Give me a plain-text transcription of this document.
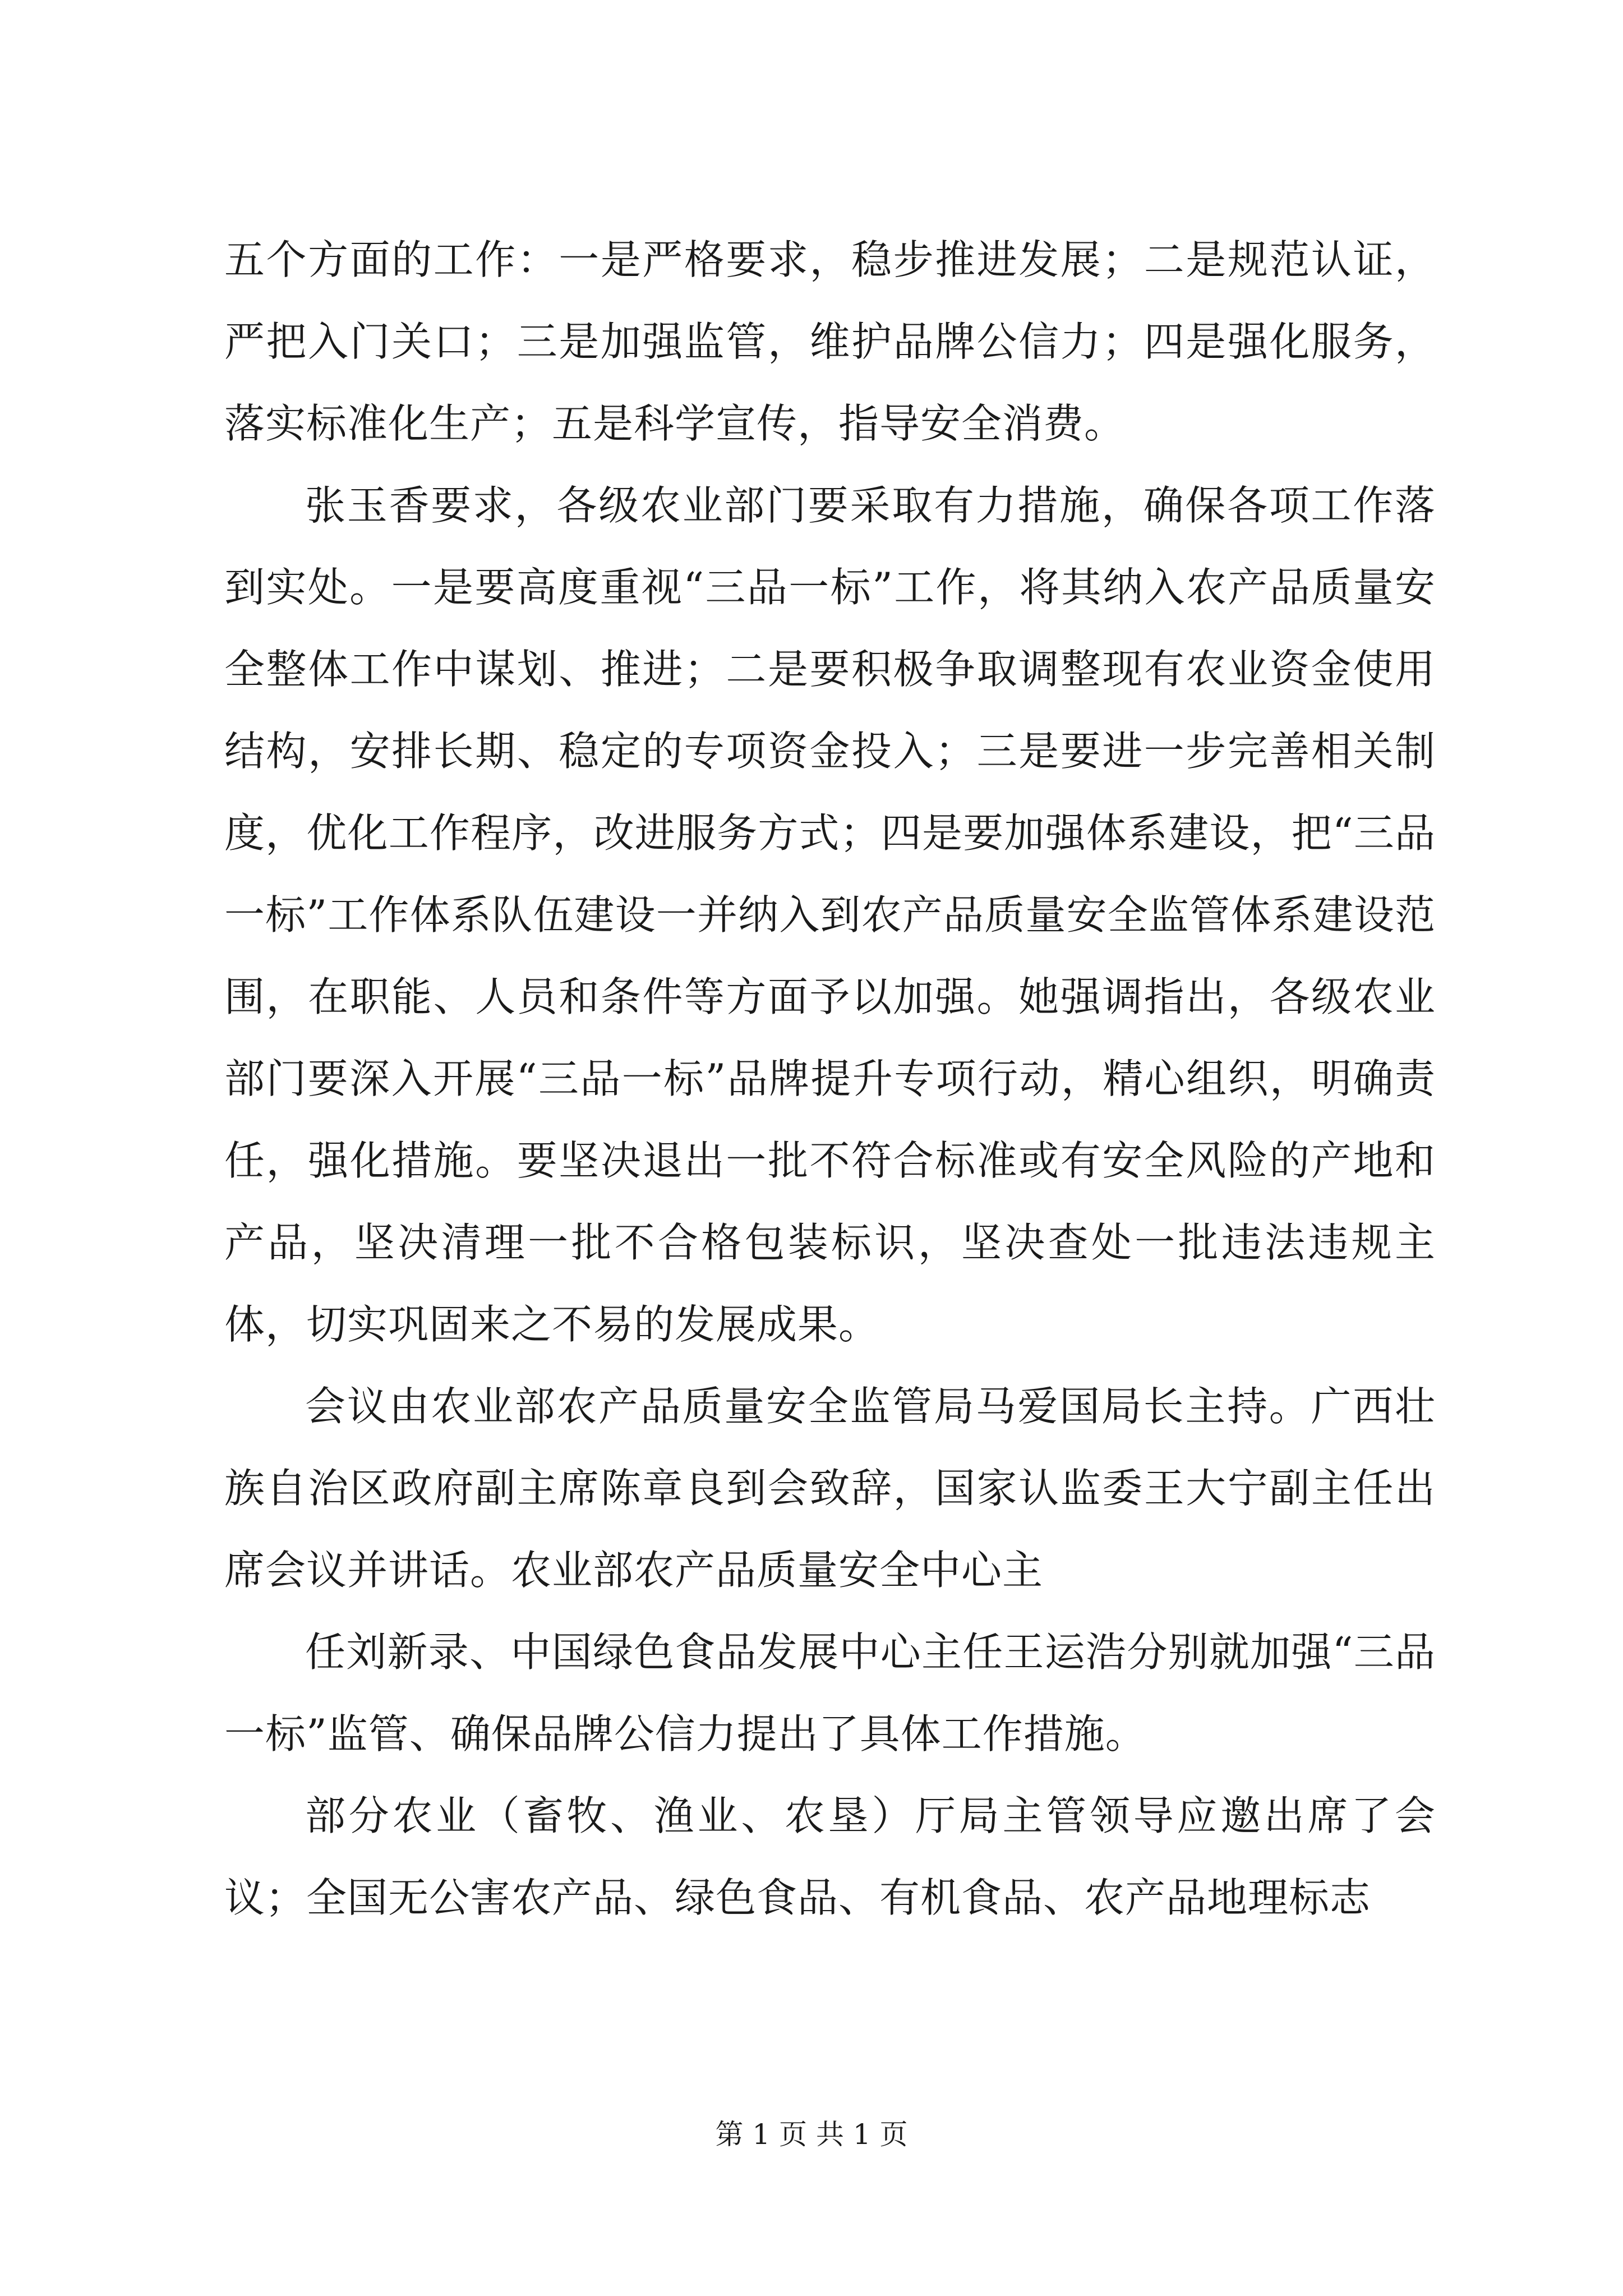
五个方面的工作：一是严格要求，稳步推进发展；二是规范认证，严把入门关口；三是加强监管，维护品牌公信力；四是强化服务，落实标准化生产；五是科学宣传，指导安全消费。

张玉香要求，各级农业部门要采取有力措施，确保各项工作落到实处。一是要高度重视“三品一标”工作，将其纳入农产品质量安全整体工作中谋划、推进；二是要积极争取调整现有农业资金使用结构，安排长期、稳定的专项资金投入；三是要进一步完善相关制度，优化工作程序，改进服务方式；四是要加强体系建设，把“三品一标”工作体系队伍建设一并纳入到农产品质量安全监管体系建设范围，在职能、人员和条件等方面予以加强。她强调指出，各级农业部门要深入开展“三品一标”品牌提升专项行动，精心组织，明确责任，强化措施。要坚决退出一批不符合标准或有安全风险的产地和产品，坚决清理一批不合格包装标识，坚决查处一批违法违规主体，切实巩固来之不易的发展成果。

会议由农业部农产品质量安全监管局马爱国局长主持。广西壮族自治区政府副主席陈章良到会致辞，国家认监委王大宁副主任出席会议并讲话。农业部农产品质量安全中心主

任刘新录、中国绿色食品发展中心主任王运浩分别就加强“三品一标”监管、确保品牌公信力提出了具体工作措施。

部分农业（畜牧、渔业、农垦）厅局主管领导应邀出席了会议；全国无公害农产品、绿色食品、有机食品、农产品地理标志

第 1 页 共 1 页
